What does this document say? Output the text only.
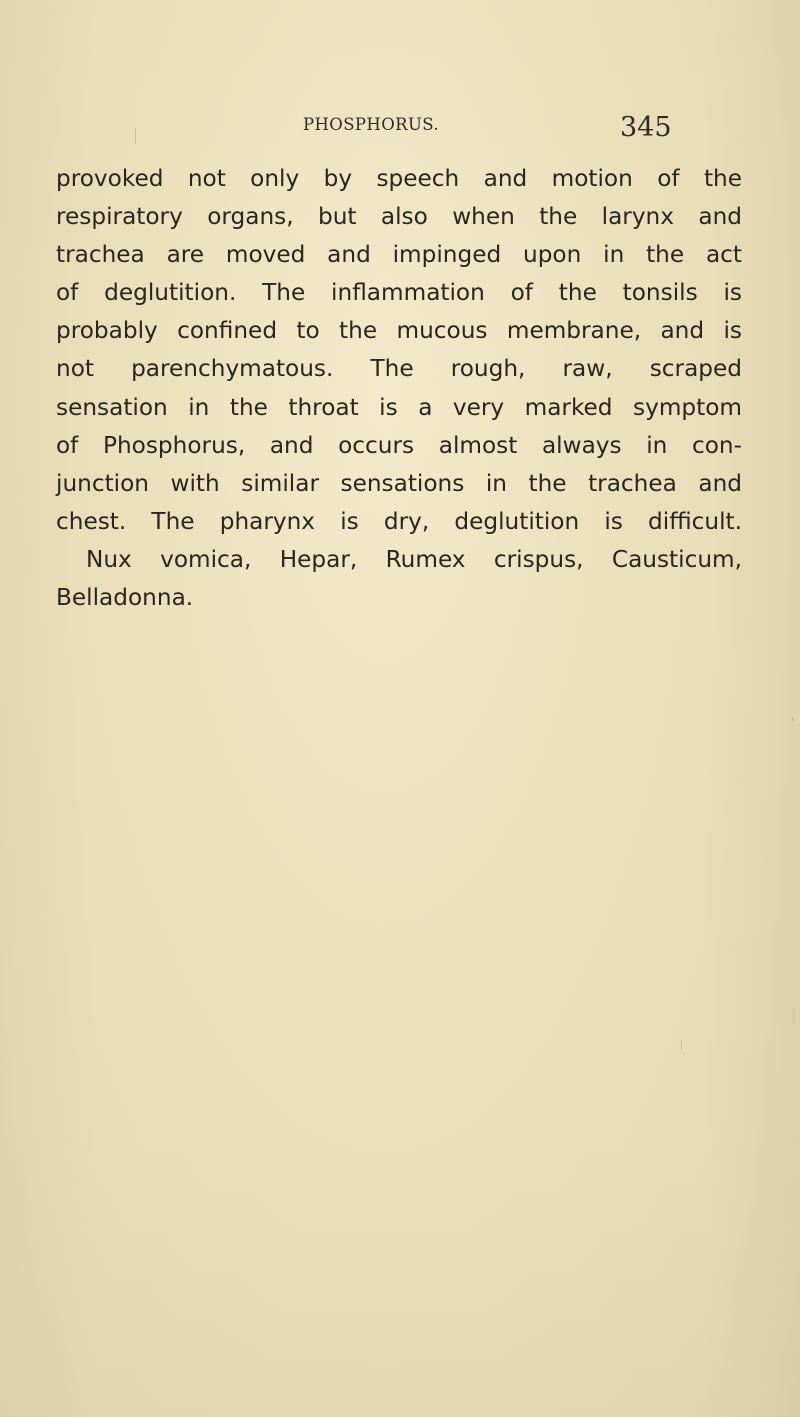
PHOSPHORUS.	345
provoked not only by speech and motion of the
respiratory organs, but also when the larynx and
trachea are moved and impinged upon in the act
of deglutition. The inflammation of the tonsils is
probably confined to the mucous membrane, and is
not parenchymatous. The rough, raw, scraped
sensation in the throat is a very marked symptom
of Phosphorus, and occurs almost always in con-
junction with similar sensations in the trachea and
chest. The pharynx is dry, deglutition is difficult.
Nux vomica, Hepar, Rumex crispus, Causticum,
Belladonna.
